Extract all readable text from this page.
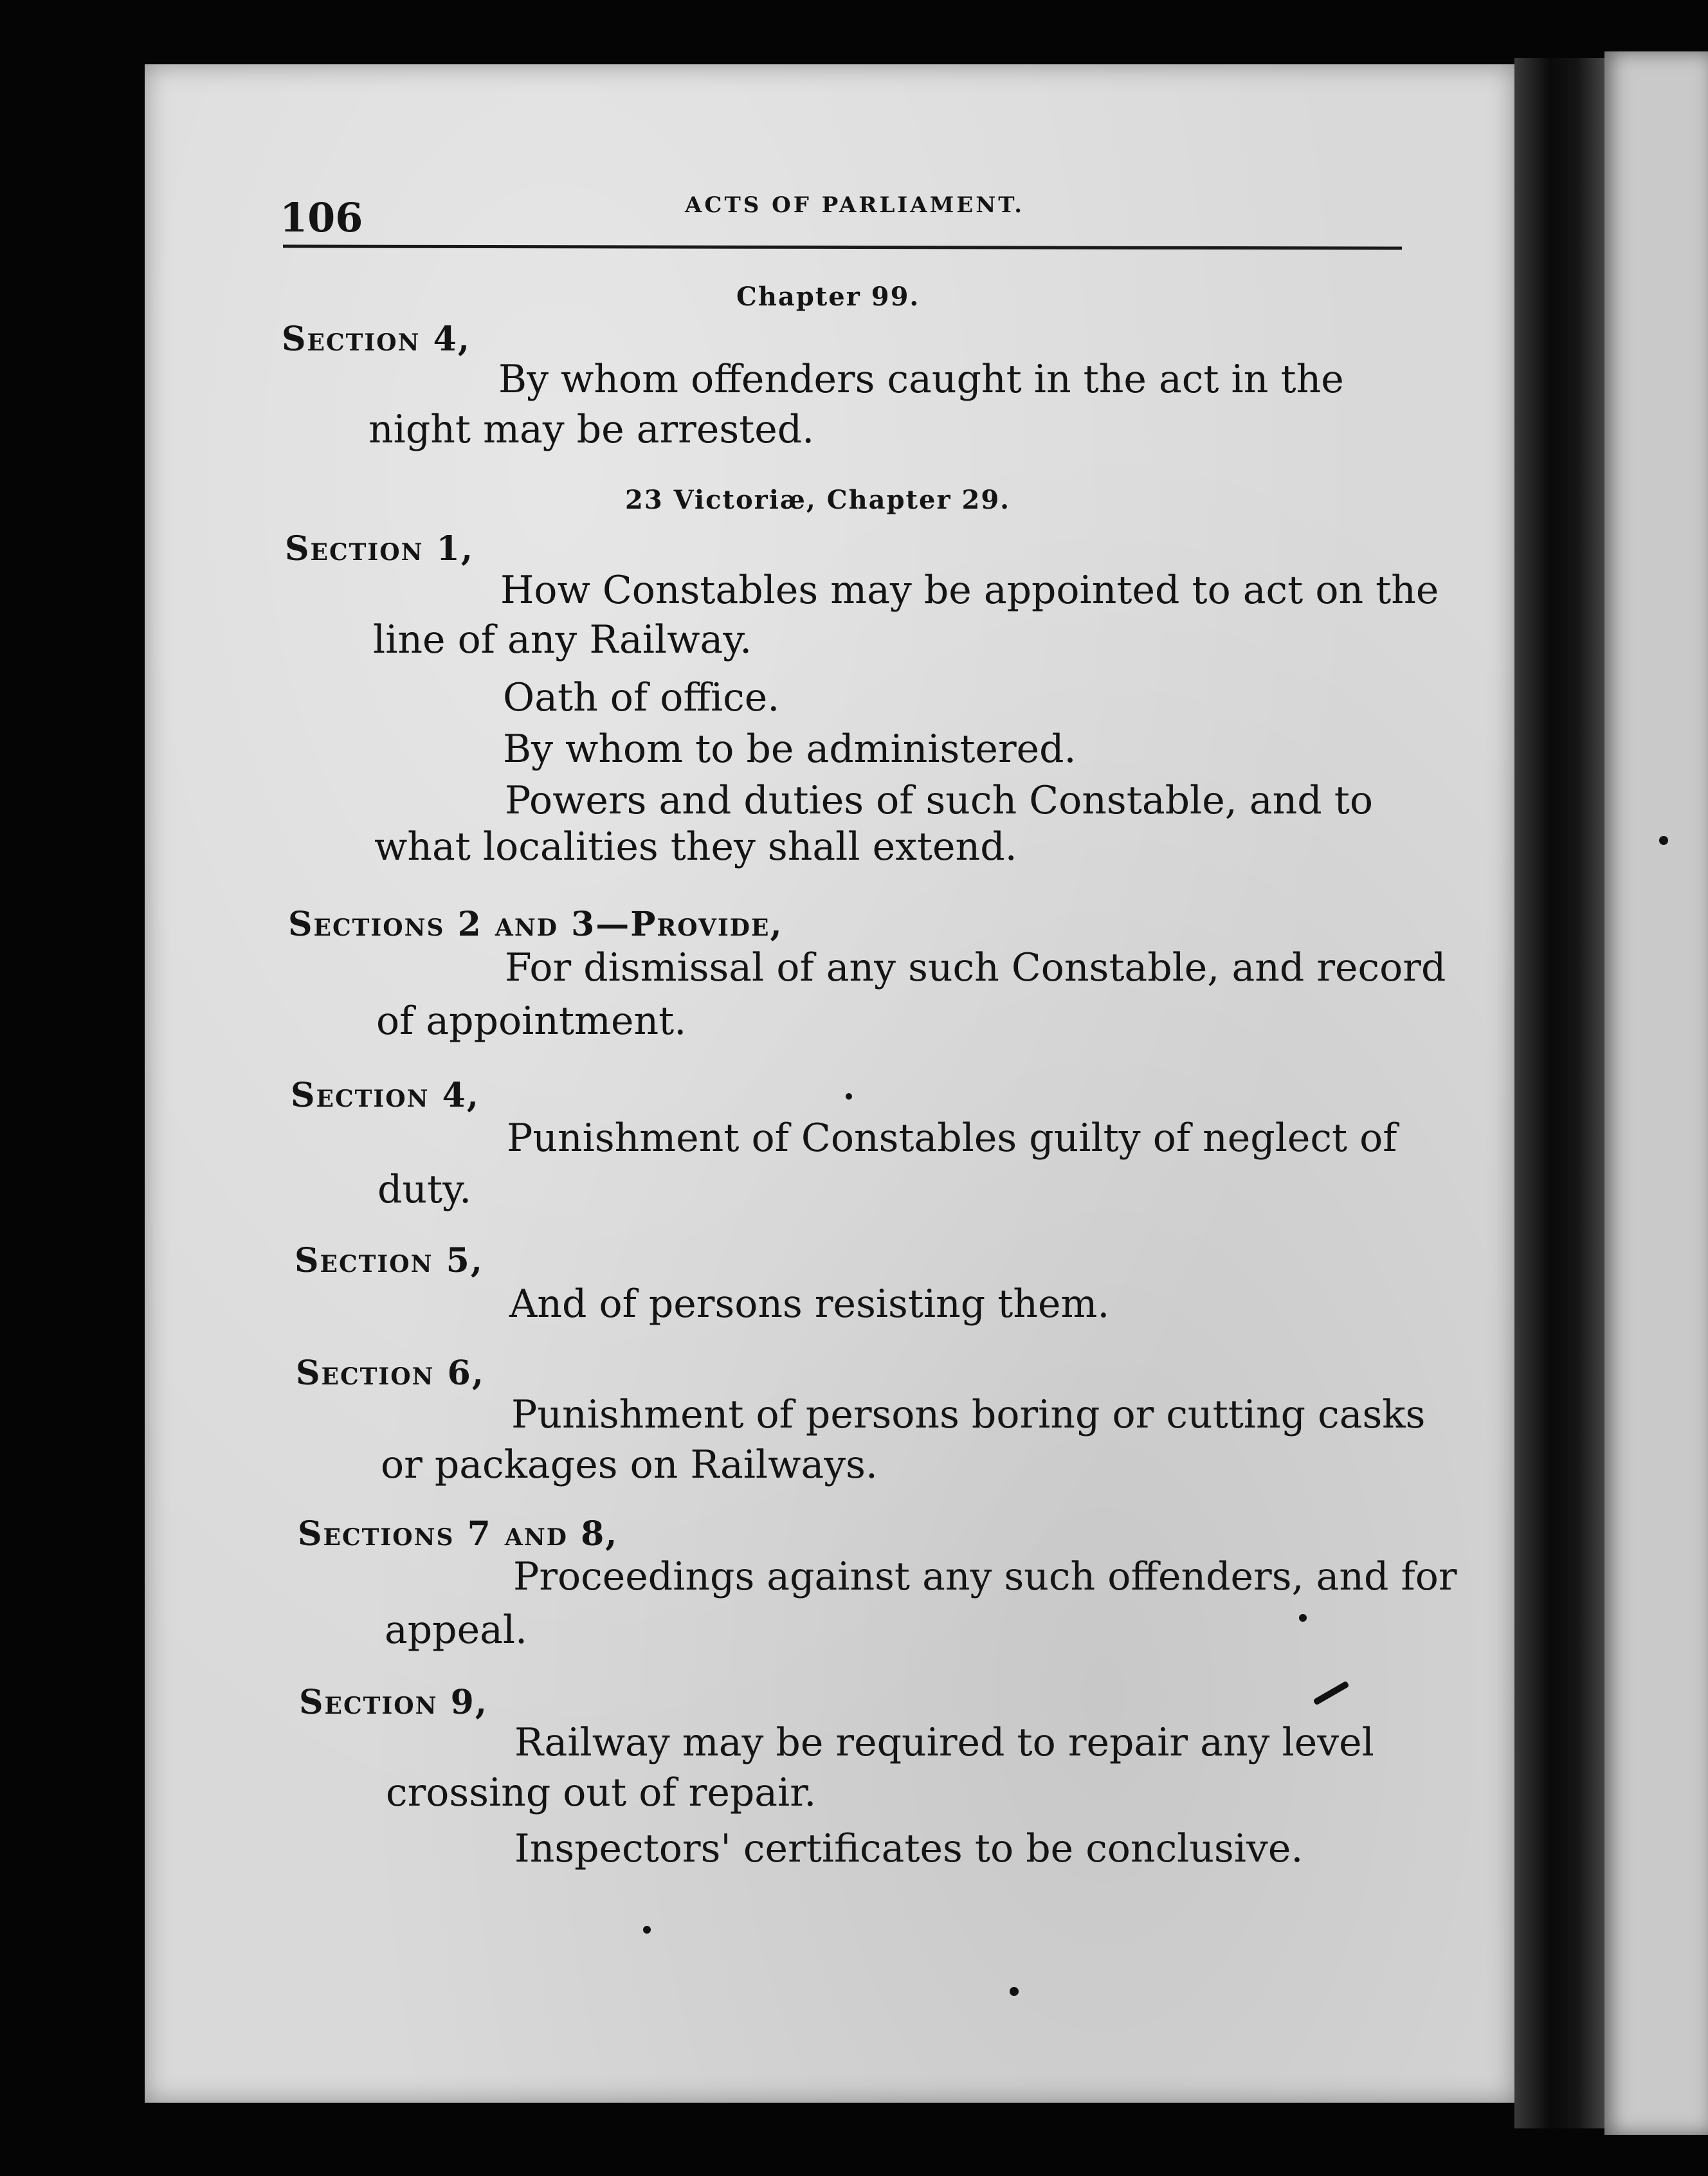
106	ACTS OF PARLIAMENT.
Chapter 99.
Section 4,
By whom offenders caught in the act in the
night may be arrested.
23 Victoriæ, Chapter 29.
Section 1,
How Constables may be appointed to act on the
line of any Railway.
Oath of office.
By whom to be administered.
Powers and duties of such Constable, and to
what localities they shall extend.
Sections 2 and 3—Provide,
For dismissal of any such Constable, and record
of appointment.
Section 4,
Punishment of Constables guilty of neglect of
duty.
Section 5,
And of persons resisting them.
Section 6,
Punishment of persons boring or cutting casks
or packages on Railways.
Sections 7 and 8,
Proceedings against any such offenders, and for
appeal.
Section 9,
Railway may be required to repair any level
crossing out of repair.
Inspectors' certificates to be conclusive.
